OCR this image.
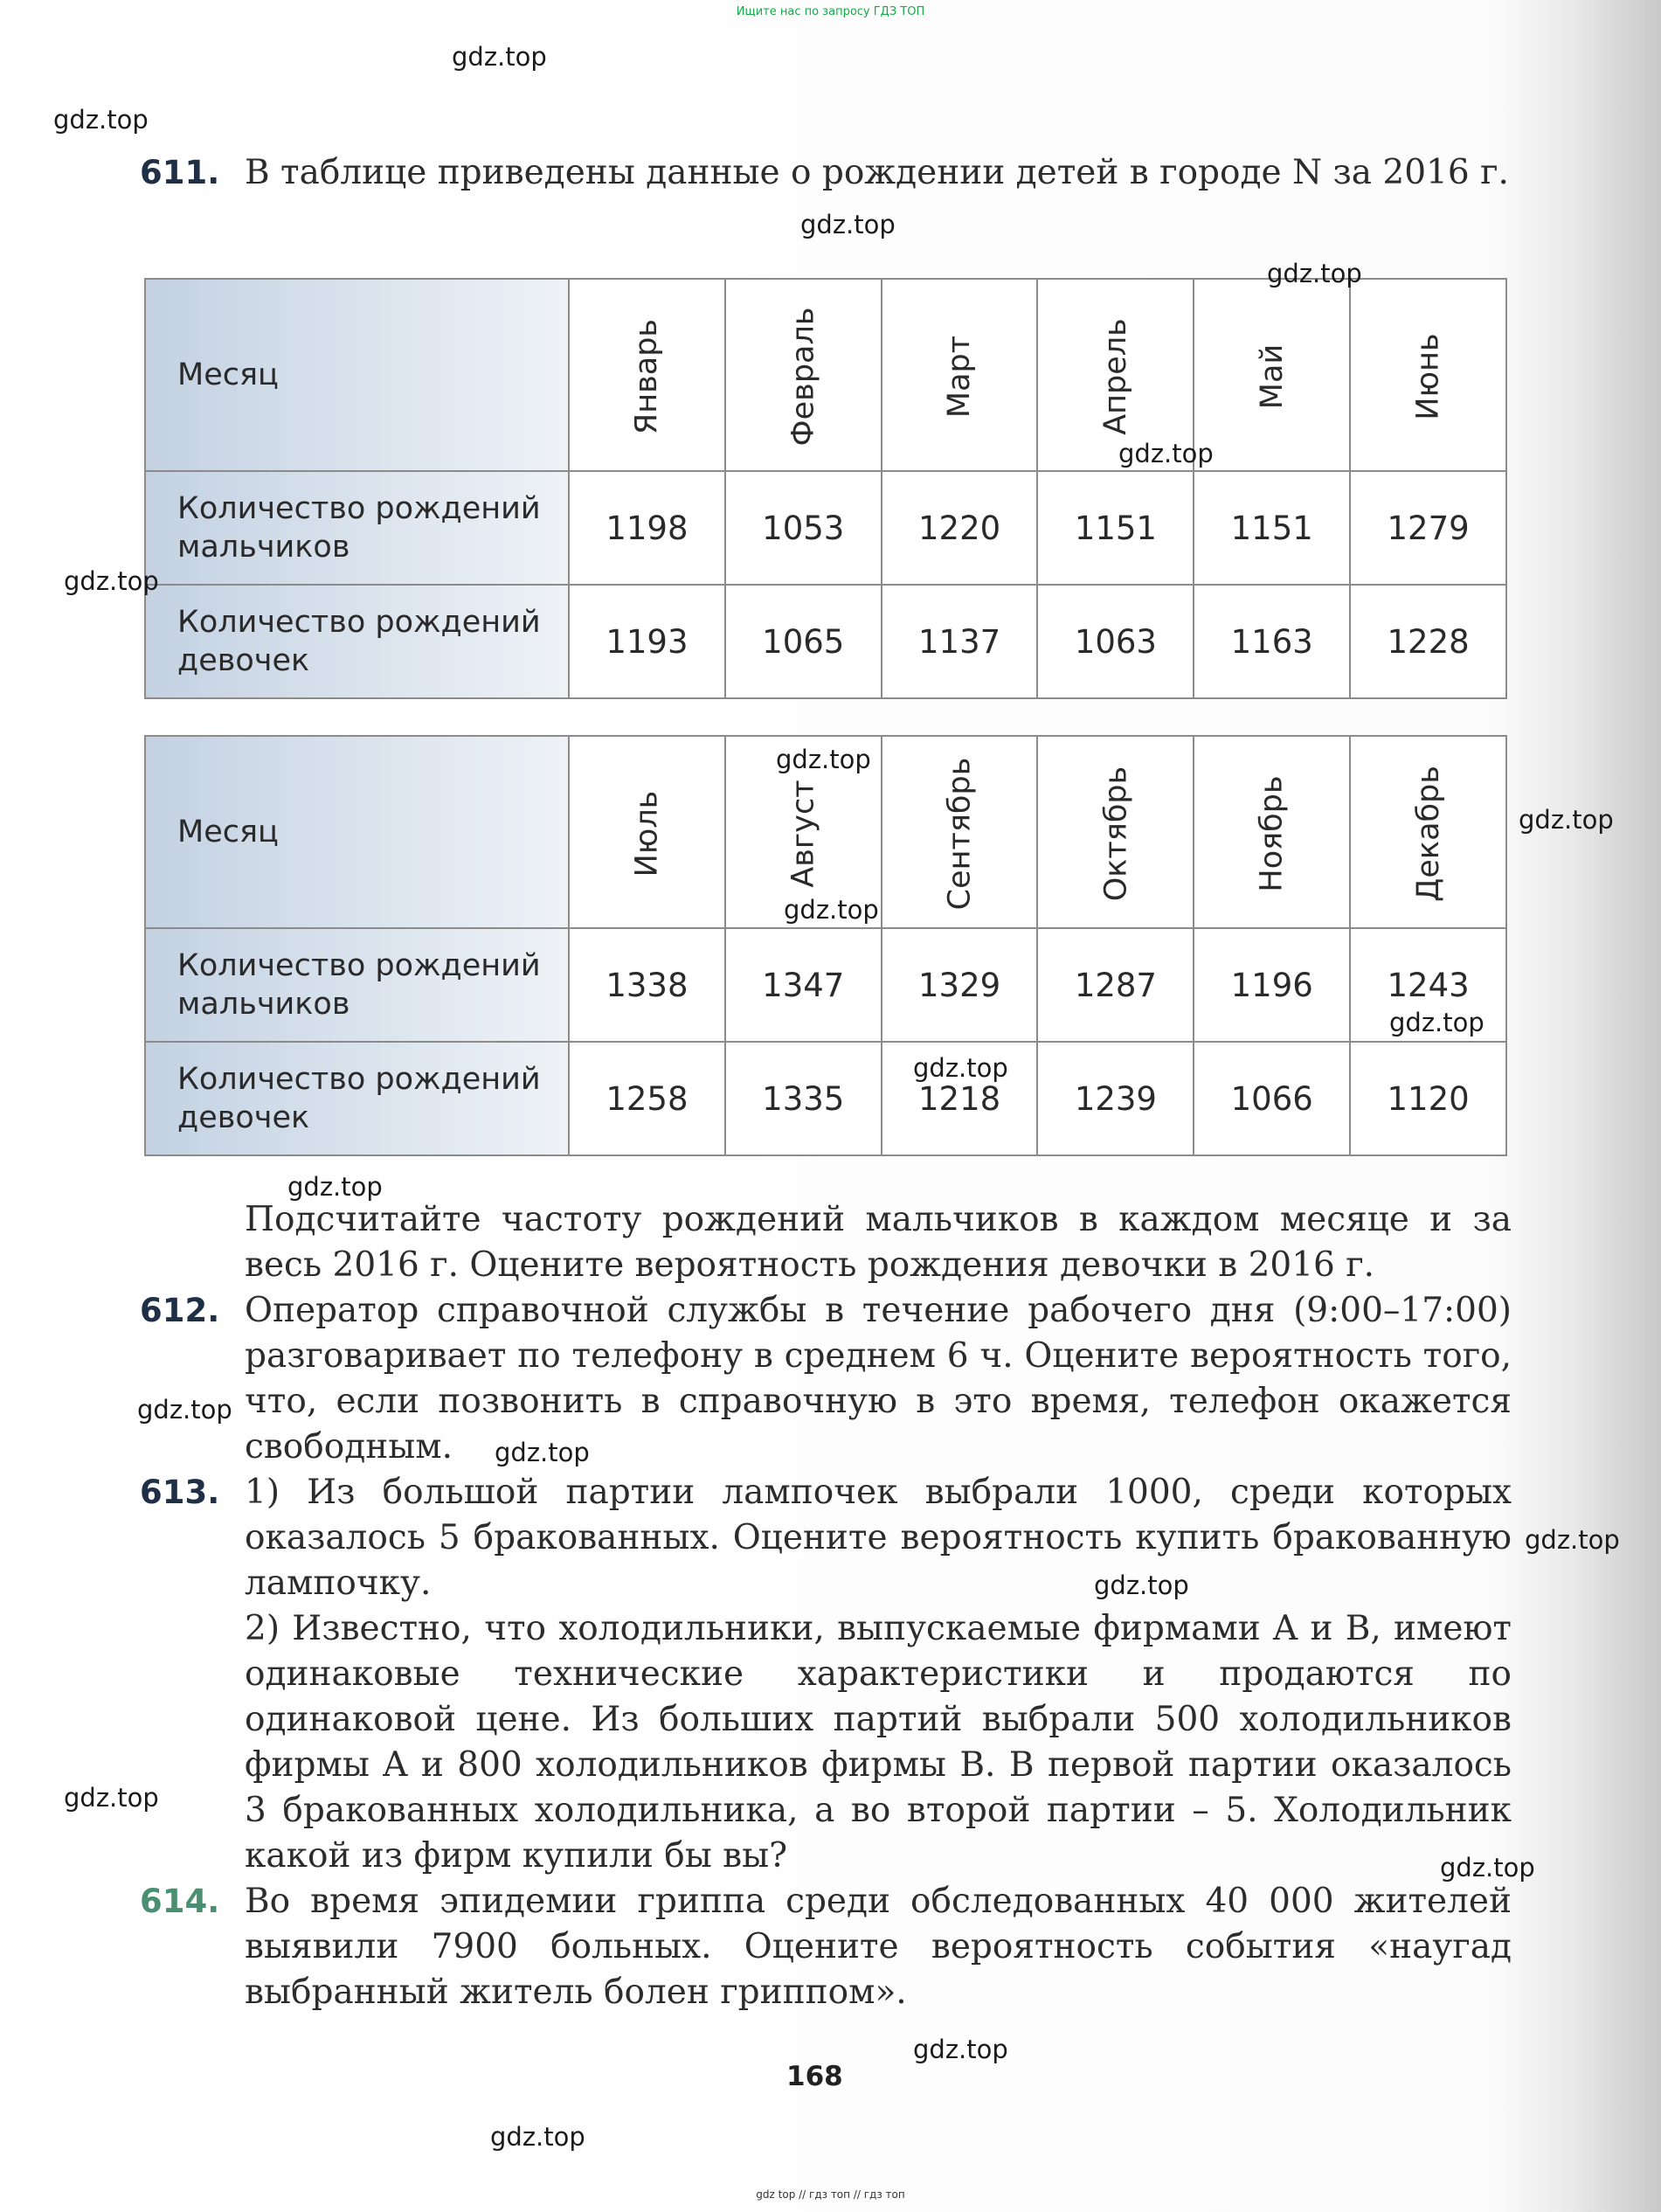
Ищите нас по запросу ГДЗ ТОП
611. В таблице приведены данные о рождении детей в городе N за 2016 г.
Месяц	Январь	Февраль	Март	Апрель	Май	Июнь
Количество рождений мальчиков	1198	1053	1220	1151	1151	1279
Количество рождений девочек	1193	1065	1137	1063	1163	1228
Месяц	Июль	Август	Сентябрь	Октябрь	Ноябрь	Декабрь
Количество рождений мальчиков	1338	1347	1329	1287	1196	1243
Количество рождений девочек	1258	1335	1218	1239	1066	1120
Подсчитайте частоту рождений мальчиков в каждом месяце и за весь 2016 г. Оцените вероятность рождения девочки в 2016 г.
612. Оператор справочной службы в течение рабочего дня (9:00–17:00) разговаривает по телефону в среднем 6 ч. Оцените вероятность того, что, если позвонить в справочную в это время, телефон окажется свободным.
613. 1) Из большой партии лампочек выбрали 1000, среди которых оказалось 5 бракованных. Оцените вероятность купить бракованную лампочку.

2) Известно, что холодильники, выпускаемые фирмами A и B, имеют одинаковые технические характеристики и продаются по одинаковой цене. Из больших партий выбрали 500 холодильников фирмы A и 800 холодильников фирмы B. В первой партии оказалось 3 бракованных холодильника, а во второй партии – 5. Холодильник какой из фирм купили бы вы?

614. Во время эпидемии гриппа среди обследованных 40 000 жителей выявили 7900 больных. Оцените вероятность события «наугад выбранный житель болен гриппом».
168
gdz.top
gdz.top
gdz.top
gdz.top
gdz.top
gdz.top
gdz.top
gdz.top
gdz.top
gdz.top
gdz.top
gdz.top
gdz.top
gdz.top
gdz.top
gdz.top
gdz.top
gdz.top
gdz.top
gdz.top
gdz top // гдз топ // гдз топ
